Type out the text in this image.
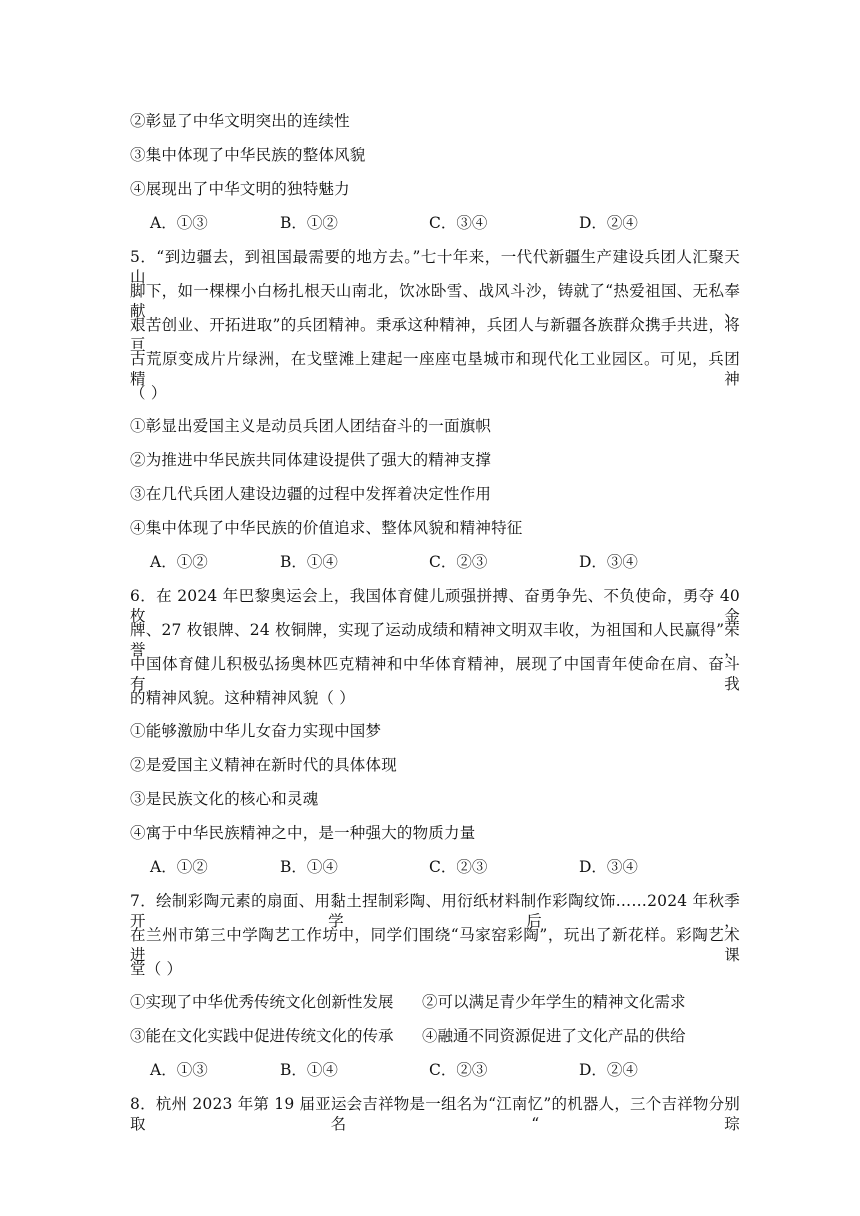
②彰显了中华文明突出的连续性
③集中体现了中华民族的整体风貌
④展现出了中华文明的独特魅力
A．①③	B．①②	C．③④	D．②④
5．“到边疆去，到祖国最需要的地方去。”七十年来，一代代新疆生产建设兵团人汇聚天山
脚下，如一棵棵小白杨扎根天山南北，饮冰卧雪、战风斗沙，铸就了“热爱祖国、无私奉献、
艰苦创业、开拓进取”的兵团精神。秉承这种精神，兵团人与新疆各族群众携手共进，将亘
古荒原变成片片绿洲，在戈壁滩上建起一座座屯垦城市和现代化工业园区。可见，兵团精神
（ ）
①彰显出爱国主义是动员兵团人团结奋斗的一面旗帜
②为推进中华民族共同体建设提供了强大的精神支撑
③在几代兵团人建设边疆的过程中发挥着决定性作用
④集中体现了中华民族的价值追求、整体风貌和精神特征
A．①②	B．①④	C．②③	D．③④
6．在 2024 年巴黎奥运会上，我国体育健儿顽强拼搏、奋勇争先、不负使命，勇夺 40 枚金
牌、27 枚银牌、24 枚铜牌，实现了运动成绩和精神文明双丰收，为祖国和人民赢得”荣誉，
中国体育健儿积极弘扬奥林匹克精神和中华体育精神，展现了中国青年使命在肩、奋斗有我
的精神风貌。这种精神风貌（ ）
①能够激励中华儿女奋力实现中国梦
②是爱国主义精神在新时代的具体体现
③是民族文化的核心和灵魂
④寓于中华民族精神之中，是一种强大的物质力量
A．①②	B．①④	C．②③	D．③④
7．绘制彩陶元素的扇面、用黏土捏制彩陶、用衍纸材料制作彩陶纹饰……2024 年秋季开学后，
在兰州市第三中学陶艺工作坊中，同学们围绕“马家窑彩陶”，玩出了新花样。彩陶艺术进课
堂（ ）
①实现了中华优秀传统文化创新性发展 ②可以满足青少年学生的精神文化需求
③能在文化实践中促进传统文化的传承 ④融通不同资源促进了文化产品的供给
A．①③	B．①④	C．②③	D．②④
8．杭州 2023 年第 19 届亚运会吉祥物是一组名为“江南忆”的机器人，三个吉祥物分别取名“琮
